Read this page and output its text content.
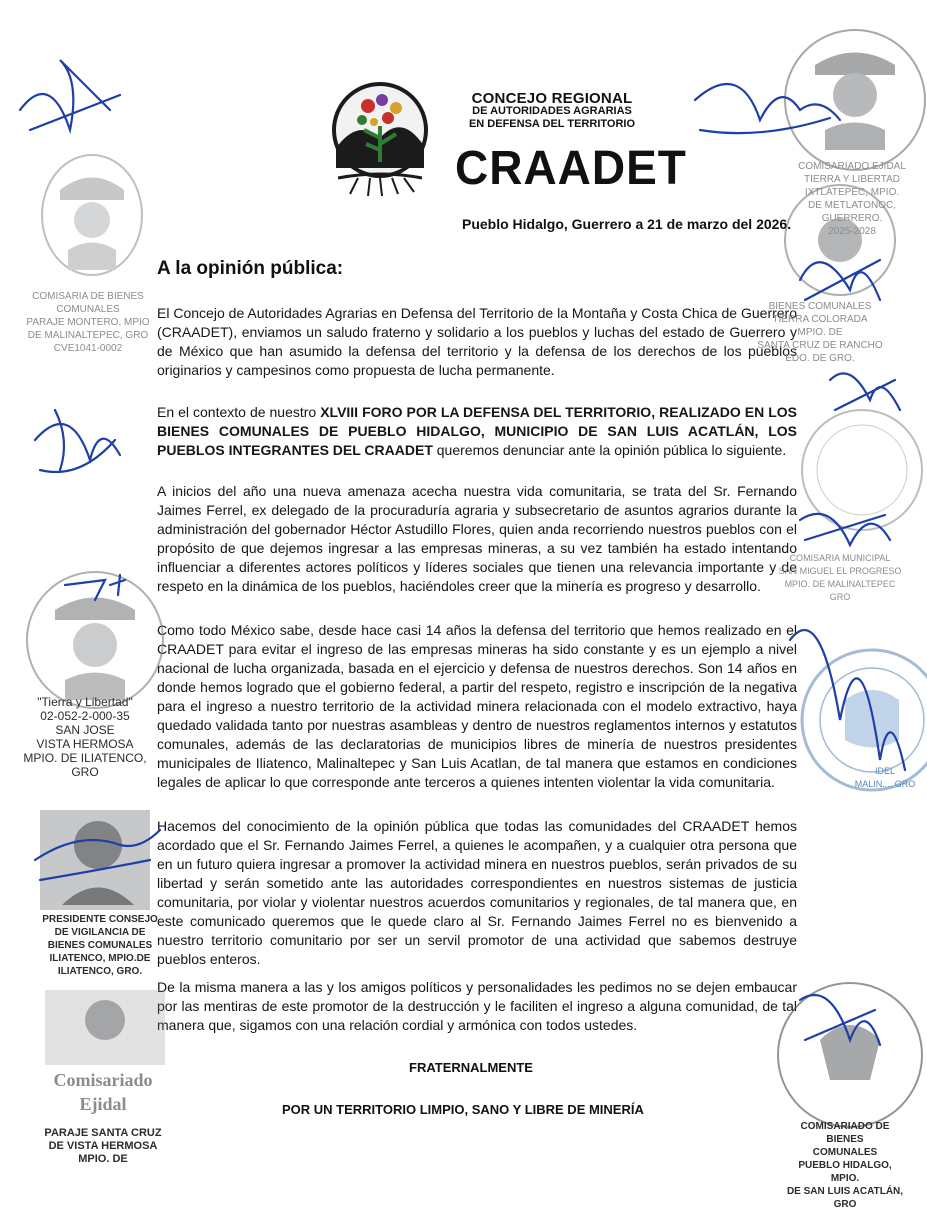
CONCEJO REGIONAL
DE AUTORIDADES AGRARIAS
EN DEFENSA DEL TERRITORIO
CRAADET
Pueblo Hidalgo, Guerrero a 21 de marzo del 2026.
A la opinión pública:
El Concejo de Autoridades Agrarias en Defensa del Territorio de la Montaña y Costa Chica de Guerrero (CRAADET), enviamos un saludo fraterno y solidario a los pueblos y luchas del estado de Guerrero y de México que han asumido la defensa del territorio y la defensa de los derechos de los pueblos originarios y campesinos como propuesta de lucha permanente.
En el contexto de nuestro XLVIII FORO POR LA DEFENSA DEL TERRITORIO, REALIZADO EN LOS BIENES COMUNALES DE PUEBLO HIDALGO, MUNICIPIO DE SAN LUIS ACATLÁN, LOS PUEBLOS INTEGRANTES DEL CRAADET queremos denunciar ante la opinión pública lo siguiente.
A inicios del año una nueva amenaza acecha nuestra vida comunitaria, se trata del Sr. Fernando Jaimes Ferrel, ex delegado de la procuraduría agraria y subsecretario de asuntos agrarios durante la administración del gobernador Héctor Astudillo Flores, quien anda recorriendo nuestros pueblos con el propósito de que dejemos ingresar a las empresas mineras, a su vez también ha estado intentando influenciar a diferentes actores políticos y líderes sociales que tienen una relevancia importante y de respeto en la dinámica de los pueblos, haciéndoles creer que la minería es progreso y desarrollo.
Como todo México sabe, desde hace casi 14 años la defensa del territorio que hemos realizado en el CRAADET para evitar el ingreso de las empresas mineras ha sido constante y es un ejemplo a nivel nacional de lucha organizada, basada en el ejercicio y defensa de nuestros derechos. Son 14 años en donde hemos logrado que el gobierno federal, a partir del respeto, registro e inscripción de la negativa para el ingreso a nuestro territorio de la actividad minera relacionada con el modelo extractivo, haya quedado validada tanto por nuestras asambleas y dentro de nuestros reglamentos internos y estatutos comunales, además de las declaratorias de municipios libres de minería de nuestros presidentes municipales de Iliatenco, Malinaltepec y San Luis Acatlan, de tal manera que estamos en condiciones legales de aplicar lo que corresponde ante terceros a quienes intenten violentar la vida comunitaria.
Hacemos del conocimiento de la opinión pública que todas las comunidades del CRAADET hemos acordado que el Sr. Fernando Jaimes Ferrel, a quienes le acompañen, y a cualquier otra persona que en un futuro quiera ingresar a promover la actividad minera en nuestros pueblos, serán privados de su libertad y serán sometido ante las autoridades correspondientes en nuestros sistemas de justicia comunitaria, por violar y violentar nuestros acuerdos comunitarios y regionales, de tal manera que, en este comunicado queremos que le quede claro al Sr. Fernando Jaimes Ferrel no es bienvenido a nuestro territorio comunitario por ser un servil promotor de una actividad que sabemos destruye pueblos enteros.
De la misma manera a las y los amigos políticos y personalidades les pedimos no se dejen embaucar por las mentiras de este promotor de la destrucción y le faciliten el ingreso a alguna comunidad, de tal manera que, sigamos con una relación cordial y armónica con todos ustedes.
FRATERNALMENTE
POR UN TERRITORIO LIMPIO, SANO Y LIBRE DE MINERÍA
COMISARIA DE BIENES
COMUNALES
PARAJE MONTERO, MPIO
DE MALINALTEPEC, GRO
CVE1041-0002
"Tierra y Libertad"
02-052-2-000-35
SAN JOSE
VISTA HERMOSA
MPIO. DE ILIATENCO, GRO
PRESIDENTE CONSEJO
DE VIGILANCIA DE
BIENES COMUNALES
ILIATENCO, MPIO.DE
ILIATENCO, GRO.
Comisariado
Ejidal
PARAJE SANTA CRUZ
DE VISTA HERMOSA
MPIO. DE
COMISARIADO EJIDAL
TIERRA Y LIBERTAD
IXTLATEPEC, MPIO.
DE METLATONOC,
GUERRERO.
2025-2028
BIENES COMUNALES
TIERRA COLORADA
MPIO. DE
SANTA CRUZ DE RANCHO
EDO. DE GRO.
COMISARIA MUNICIPAL
SAN MIGUEL EL PROGRESO
MPIO. DE MALINALTEPEC
GRO
IDEL
MALIN..., GRO
COMISARIADO DE BIENES
COMUNALES
PUEBLO HIDALGO, MPIO.
DE SAN LUIS ACATLÁN, GRO
